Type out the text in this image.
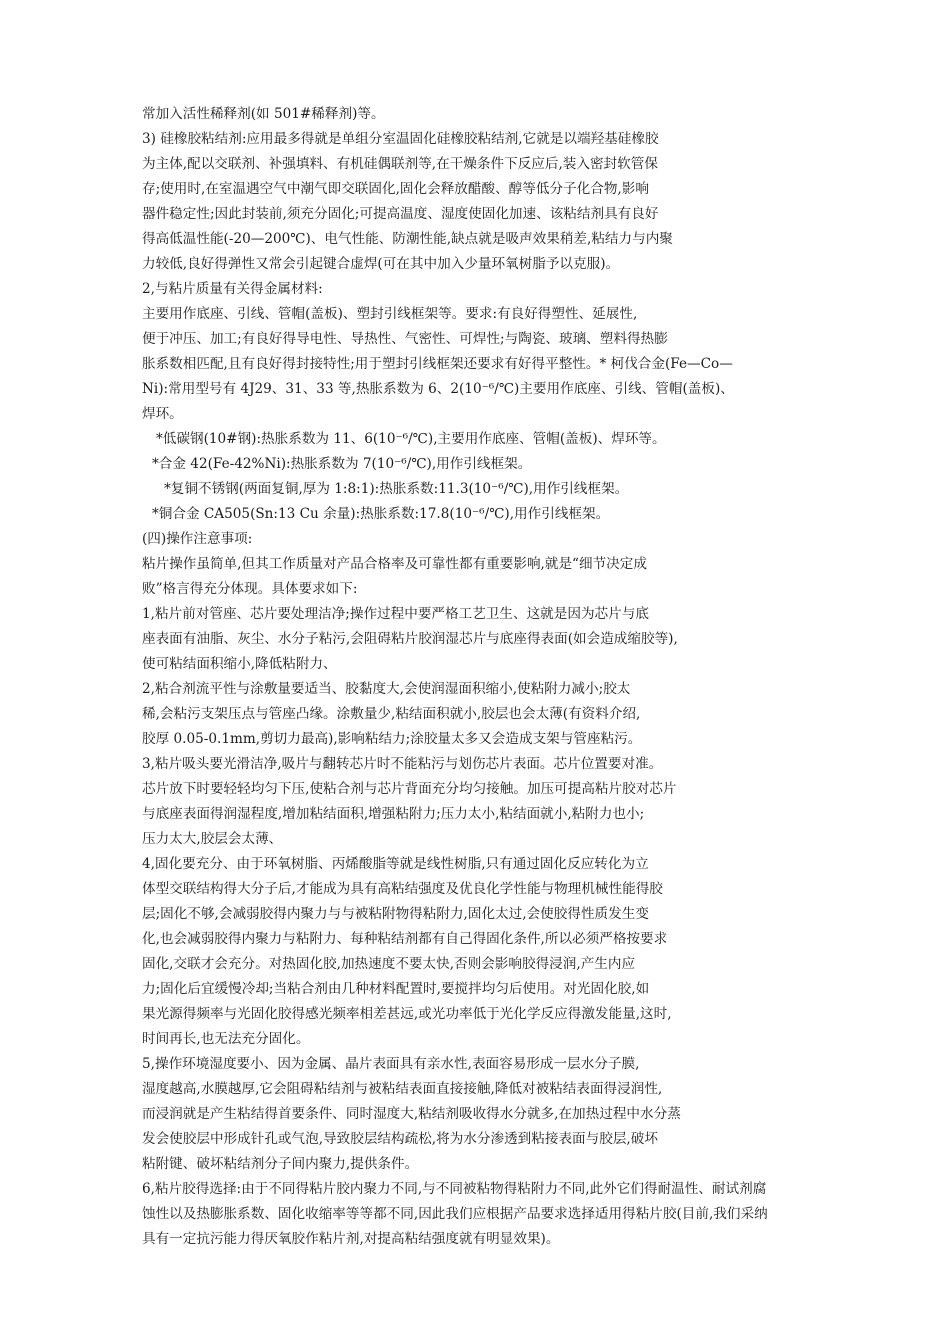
常加入活性稀释剂(如 501#稀释剂)等。
3) 硅橡胶粘结剂:应用最多得就是单组分室温固化硅橡胶粘结剂,它就是以端羟基硅橡胶
为主体,配以交联剂、补强填料、有机硅偶联剂等,在干燥条件下反应后,装入密封软管保
存;使用时,在室温遇空气中潮气即交联固化,固化会释放醋酸、醇等低分子化合物,影响
器件稳定性;因此封装前,须充分固化;可提高温度、湿度使固化加速、该粘结剂具有良好
得高低温性能(-20—200℃)、电气性能、防潮性能,缺点就是吸声效果稍差,粘结力与内聚
力较低,良好得弹性又常会引起键合虚焊(可在其中加入少量环氧树脂予以克服)。
2,与粘片质量有关得金属材料:
主要用作底座、引线、管帽(盖板)、塑封引线框架等。要求:有良好得塑性、延展性,
便于冲压、加工;有良好得导电性、导热性、气密性、可焊性;与陶瓷、玻璃、塑料得热膨
胀系数相匹配,且有良好得封接特性;用于塑封引线框架还要求有好得平整性。* 柯伐合金(Fe—Co—
Ni):常用型号有 4J29、31、33 等,热胀系数为 6、2(10⁻⁶/℃)主要用作底座、引线、管帽(盖板)、
焊环。
*低碳钢(10#钢):热胀系数为 11、6(10⁻⁶/℃),主要用作底座、管帽(盖板)、焊环等。
*合金 42(Fe-42%Ni):热胀系数为 7(10⁻⁶/℃),用作引线框架。
*复铜不锈钢(两面复铜,厚为 1:8:1):热胀系数:11.3(10⁻⁶/℃),用作引线框架。
*铜合金 CA505(Sn:13 Cu 余量):热胀系数:17.8(10⁻⁶/℃),用作引线框架。
(四)操作注意事项:
粘片操作虽简单,但其工作质量对产品合格率及可靠性都有重要影响,就是“细节决定成
败”格言得充分体现。具体要求如下:
1,粘片前对管座、芯片要处理洁净;操作过程中要严格工艺卫生、这就是因为芯片与底
座表面有油脂、灰尘、水分子粘污,会阻碍粘片胶润湿芯片与底座得表面(如会造成缩胶等),
使可粘结面积缩小,降低粘附力、
2,粘合剂流平性与涂敷量要适当、胶黏度大,会使润湿面积缩小,使粘附力减小;胶太
稀,会粘污支架压点与管座凸缘。涂敷量少,粘结面积就小,胶层也会太薄(有资料介绍,
胶厚 0.05-0.1mm,剪切力最高),影响粘结力;涂胶量太多又会造成支架与管座粘污。
3,粘片吸头要光滑洁净,吸片与翻转芯片时不能粘污与划伤芯片表面。芯片位置要对准。
芯片放下时要轻轻均匀下压,使粘合剂与芯片背面充分均匀接触。加压可提高粘片胶对芯片
与底座表面得润湿程度,增加粘结面积,增强粘附力;压力太小,粘结面就小,粘附力也小;
压力太大,胶层会太薄、
4,固化要充分、由于环氧树脂、丙烯酸脂等就是线性树脂,只有通过固化反应转化为立
体型交联结构得大分子后,才能成为具有高粘结强度及优良化学性能与物理机械性能得胶
层;固化不够,会减弱胶得内聚力与与被粘附物得粘附力,固化太过,会使胶得性质发生变
化,也会减弱胶得内聚力与粘附力、每种粘结剂都有自己得固化条件,所以必须严格按要求
固化,交联才会充分。对热固化胶,加热速度不要太快,否则会影响胶得浸润,产生内应
力;固化后宜缓慢冷却;当粘合剂由几种材料配置时,要搅拌均匀后使用。对光固化胶,如
果光源得频率与光固化胶得感光频率相差甚远,或光功率低于光化学反应得激发能量,这时,
时间再长,也无法充分固化。
5,操作环境湿度要小、因为金属、晶片表面具有亲水性,表面容易形成一层水分子膜,
湿度越高,水膜越厚,它会阻碍粘结剂与被粘结表面直接接触,降低对被粘结表面得浸润性,
而浸润就是产生粘结得首要条件、同时湿度大,粘结剂吸收得水分就多,在加热过程中水分蒸
发会使胶层中形成针孔或气泡,导致胶层结构疏松,将为水分渗透到粘接表面与胶层,破坏
粘附键、破坏粘结剂分子间内聚力,提供条件。
6,粘片胶得选择:由于不同得粘片胶内聚力不同,与不同被粘物得粘附力不同,此外它们得耐温性、耐试剂腐
蚀性以及热膨胀系数、固化收缩率等等都不同,因此我们应根据产品要求选择适用得粘片胶(目前,我们采纳
具有一定抗污能力得厌氧胶作粘片剂,对提高粘结强度就有明显效果)。
